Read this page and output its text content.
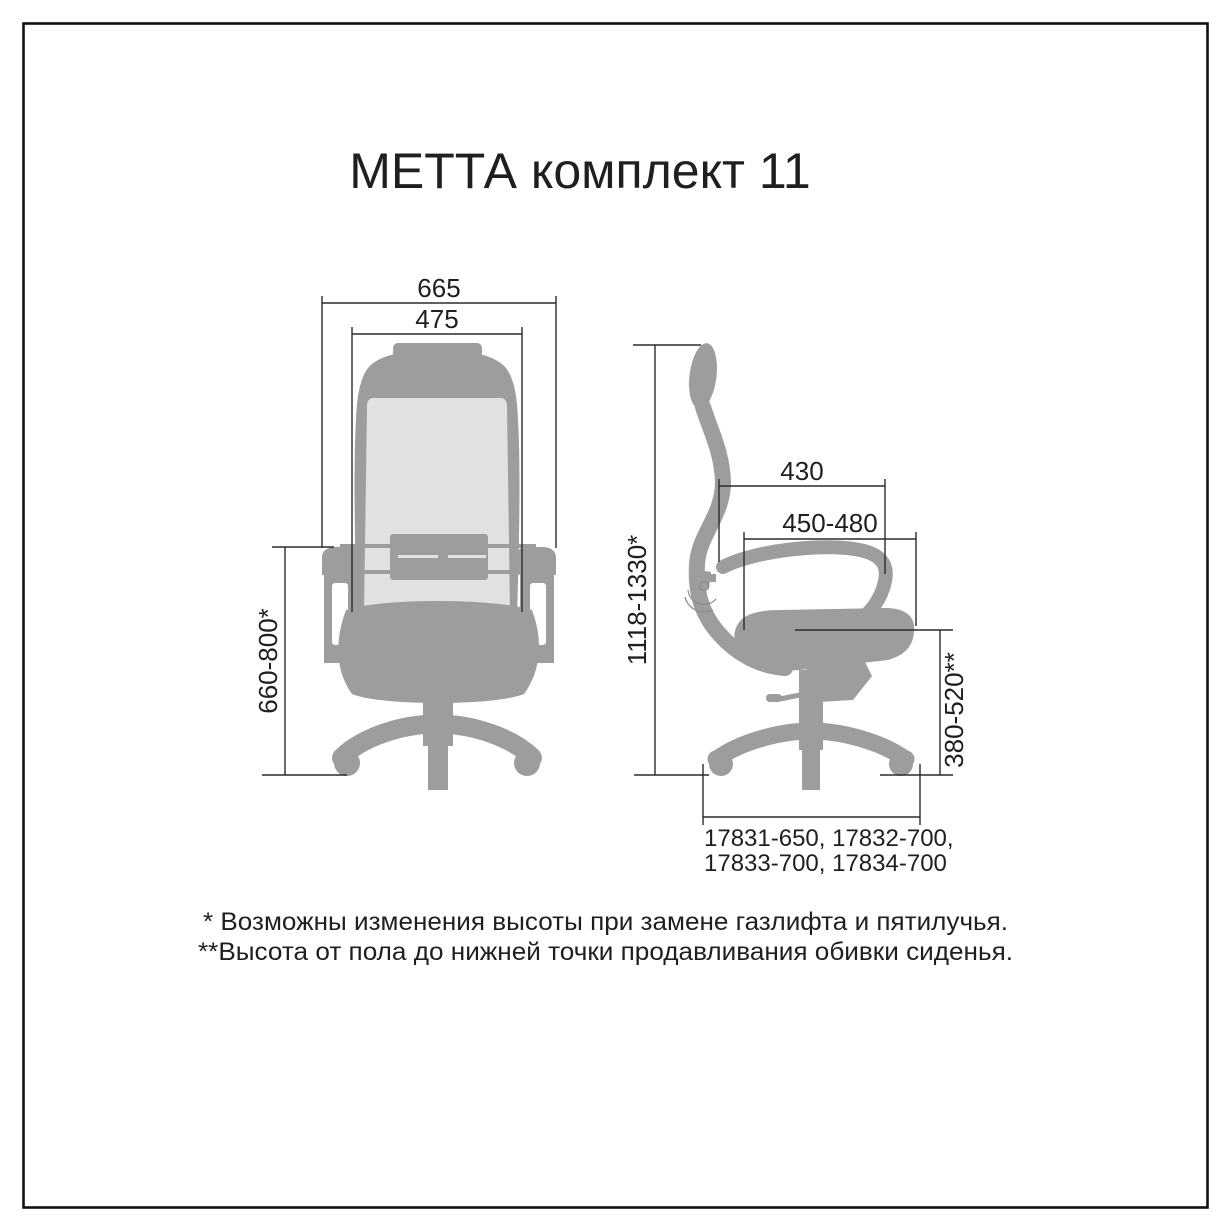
МЕТТА комплект 11
665
475
660-800*	1118-1330*
430
450-480
380-520**
17831-650, 17832-700,
17833-700, 17834-700
* Возможны изменения высоты при замене газлифта и пятилучья.
**Высота от пола до нижней точки продавливания обивки сиденья.
